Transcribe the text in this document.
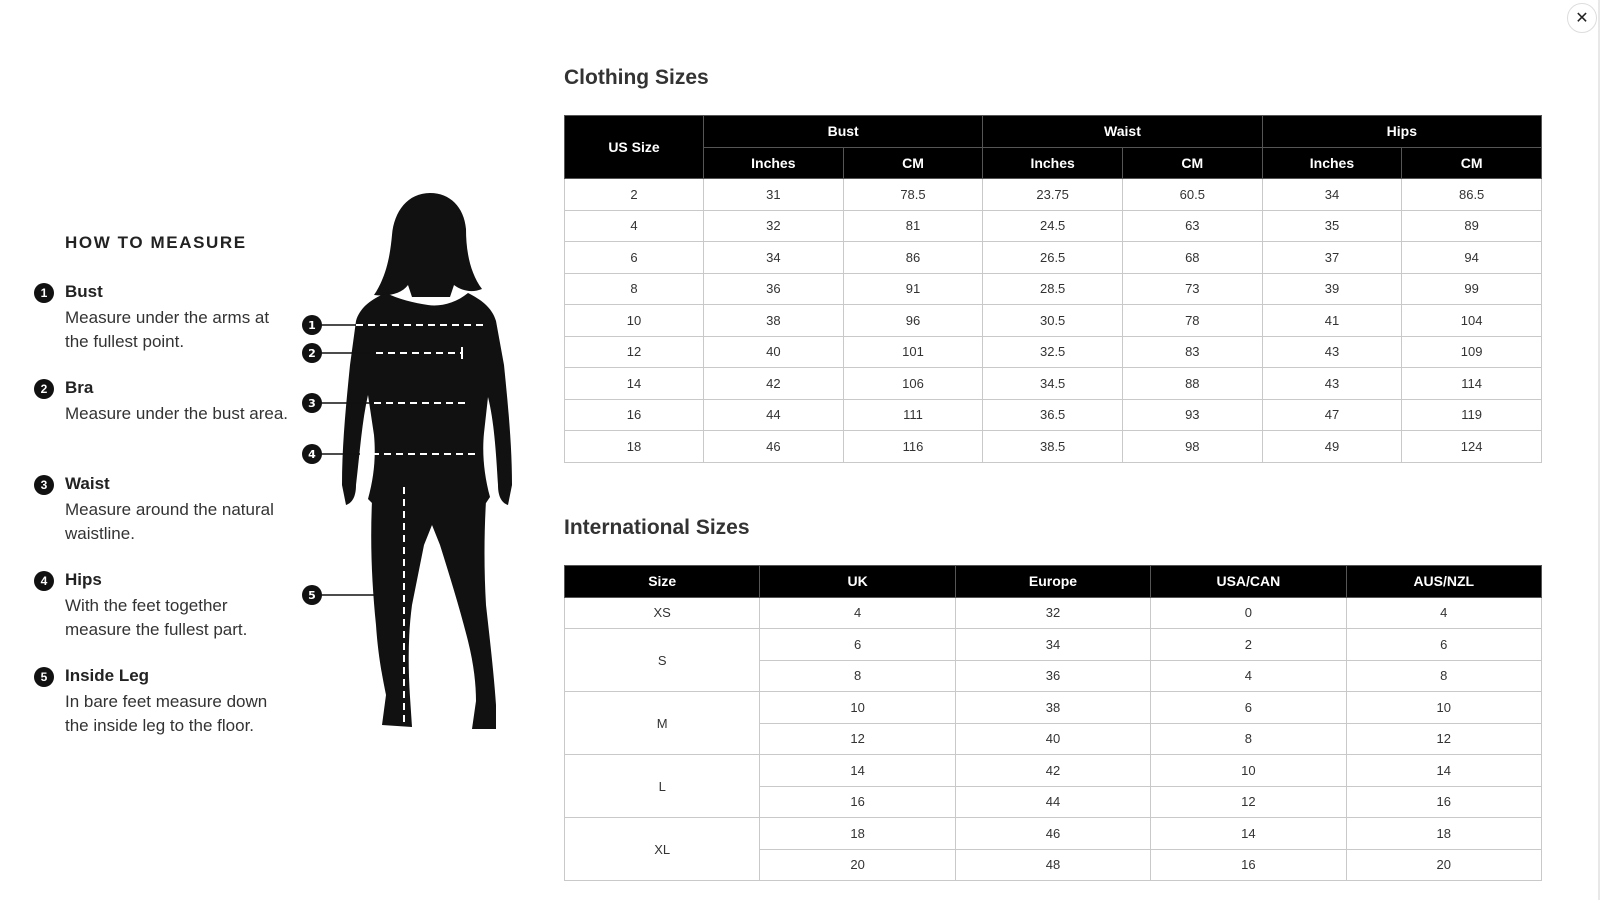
✕
HOW TO MEASURE
1	Bust
Measure under the arms at the fullest point.
2	Bra
Measure under the bust area.
3	Waist
Measure around the natural waistline.
4	Hips
With the feet together measure the fullest part.
5	Inside Leg
In bare feet measure down the inside leg to the floor.
1
2
3
4
5
Clothing Sizes
US Size	Bust		Waist		Hips	
	Inches	CM	Inches	CM	Inches	CM
2	31	78.5	23.75	60.5	34	86.5
4	32	81	24.5	63	35	89
6	34	86	26.5	68	37	94
8	36	91	28.5	73	39	99
10	38	96	30.5	78	41	104
12	40	101	32.5	83	43	109
14	42	106	34.5	88	43	114
16	44	111	36.5	93	47	119
18	46	116	38.5	98	49	124
International Sizes
Size	UK	Europe	USA/CAN	AUS/NZL
XS	4	32	0	4
S	6	34	2	6
	8	36	4	8
M	10	38	6	10
	12	40	8	12
L	14	42	10	14
	16	44	12	16
XL	18	46	14	18
	20	48	16	20
